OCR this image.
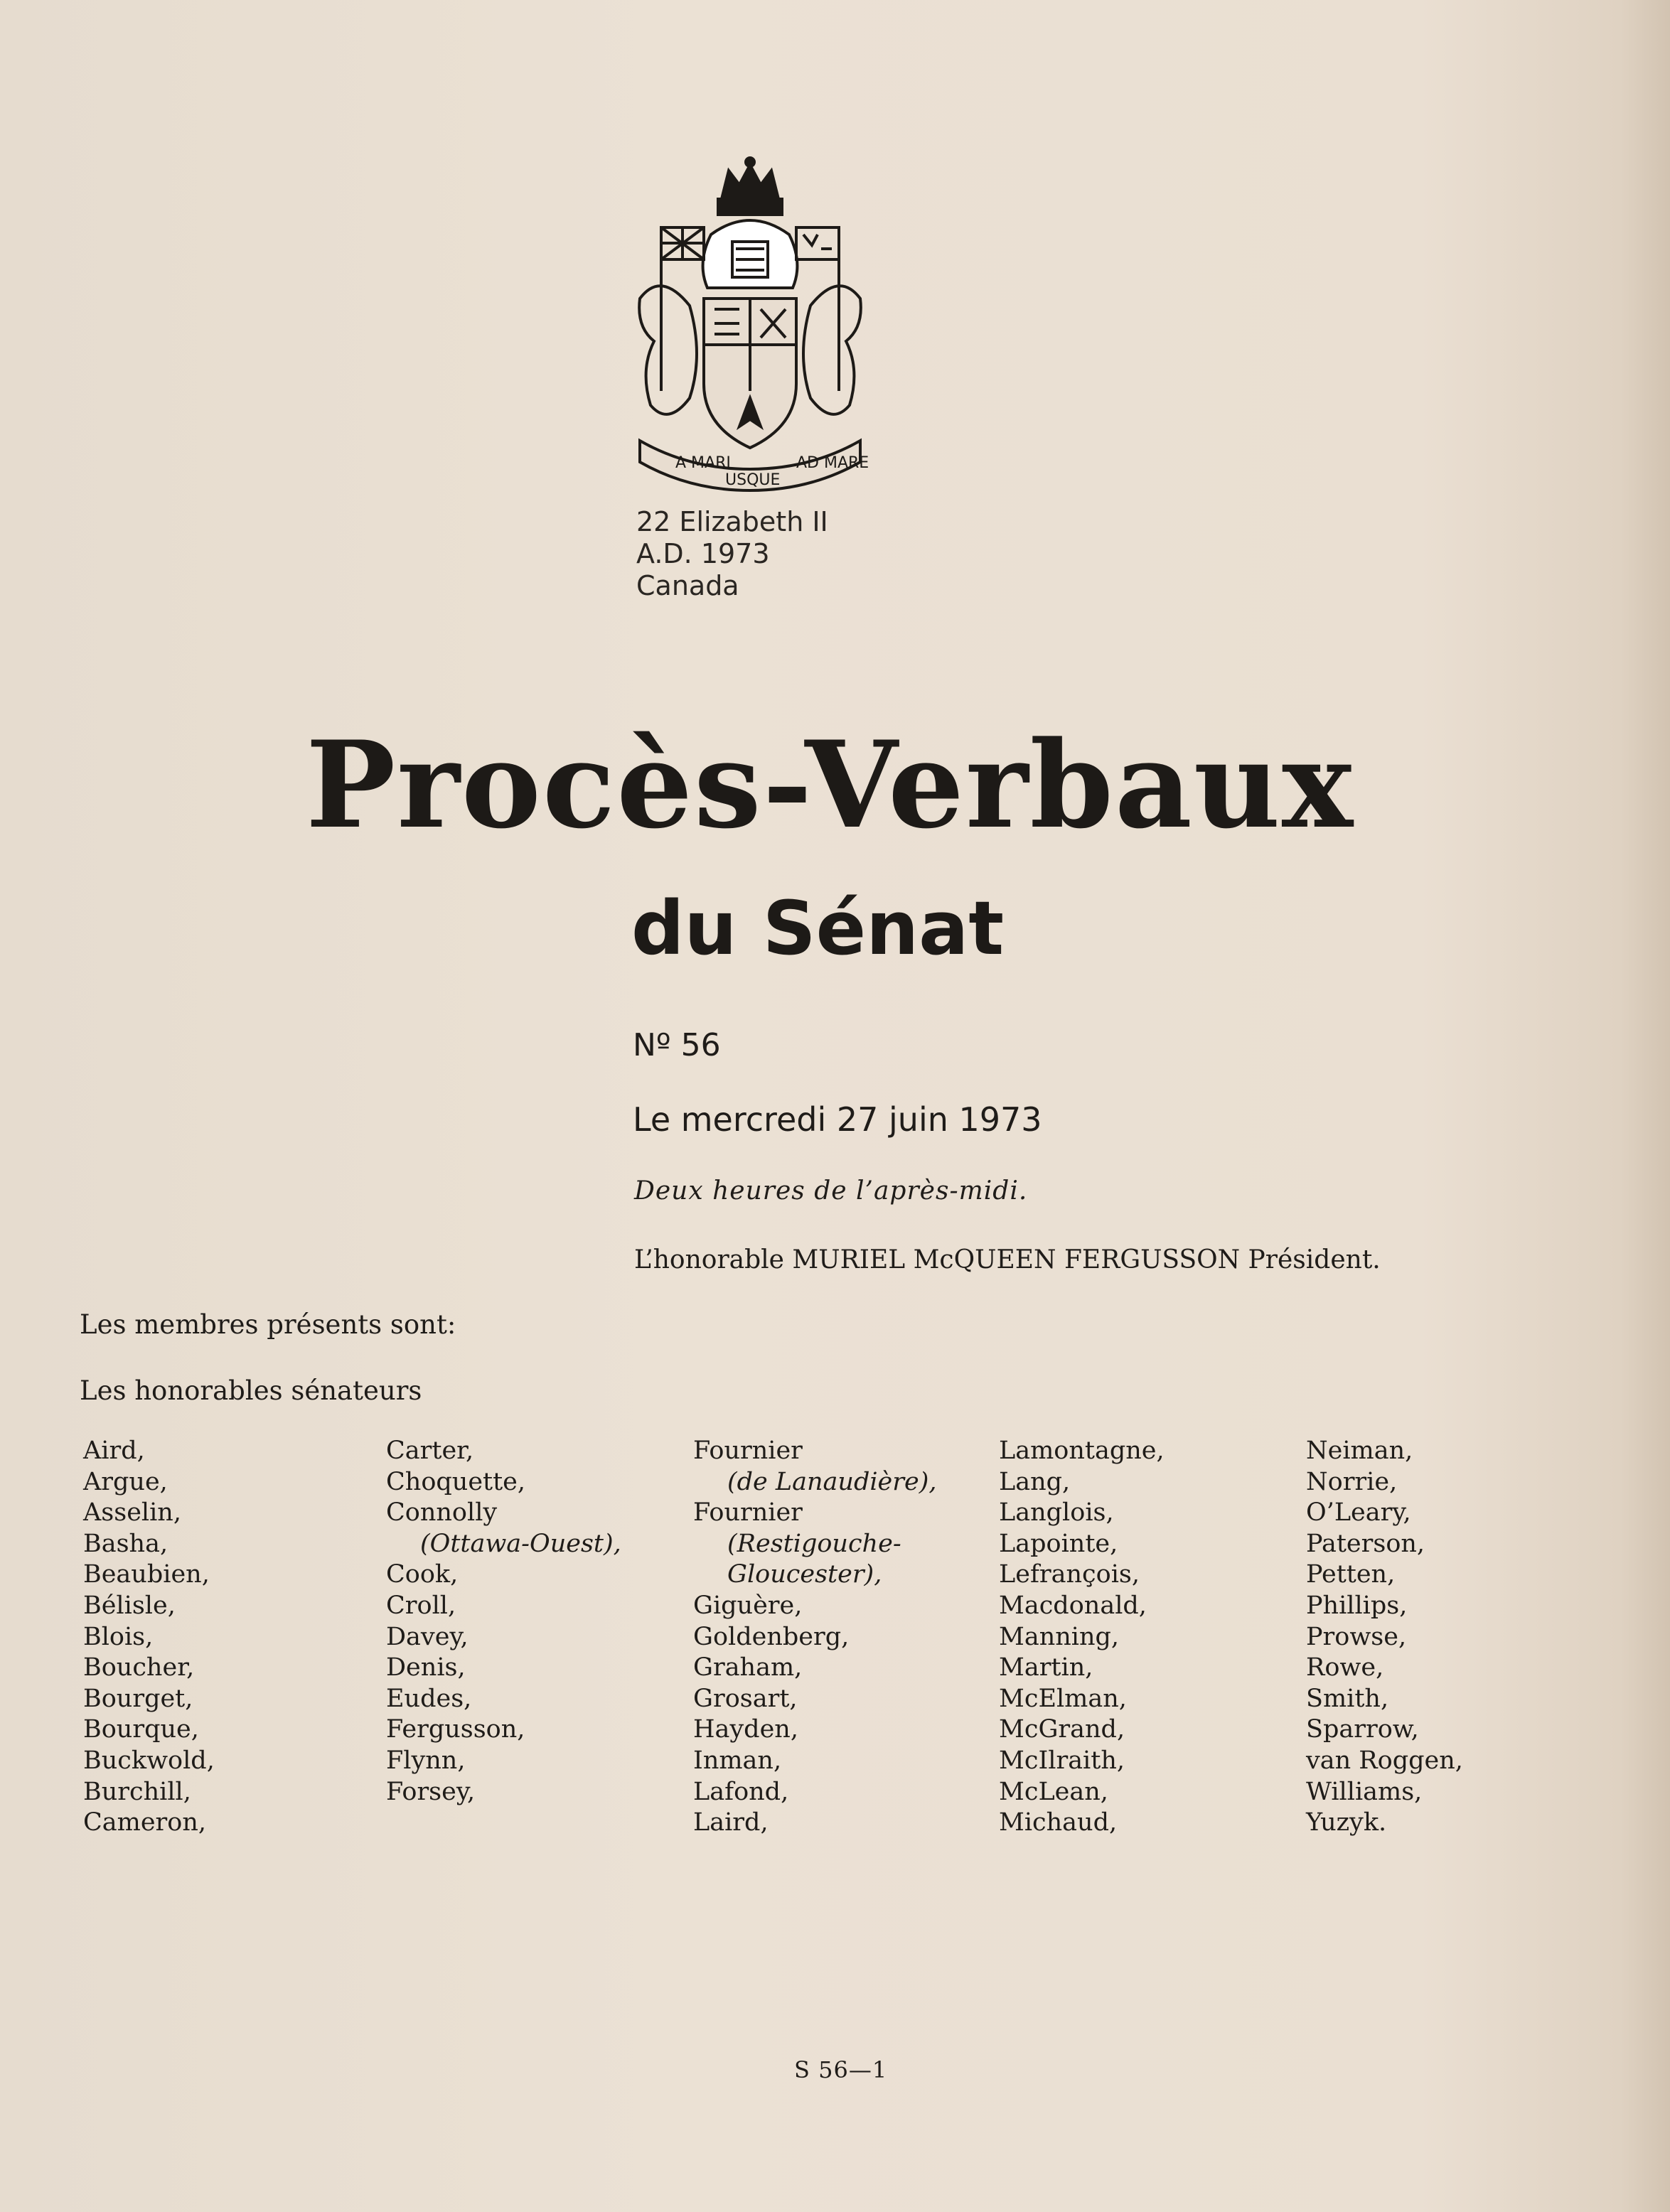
A MARI
USQUE
AD MARE
22 Elizabeth II
A.D. 1973
Canada
Procès-Verbaux
du Sénat
Nº 56
Le mercredi 27 juin 1973
Deux heures de l’après-midi.
L’honorable MURIEL McQUEEN FERGUSSON Président.
Les membres présents sont:
Les honorables sénateurs
Aird,
Argue,
Asselin,
Basha,
Beaubien,
Bélisle,
Blois,
Boucher,
Bourget,
Bourque,
Buckwold,
Burchill,
Cameron,
Carter,
Choquette,
Connolly
(Ottawa-Ouest),
Cook,
Croll,
Davey,
Denis,
Eudes,
Fergusson,
Flynn,
Forsey,
Fournier
(de Lanaudière),
Fournier
(Restigouche-
Gloucester),
Giguère,
Goldenberg,
Graham,
Grosart,
Hayden,
Inman,
Lafond,
Laird,
Lamontagne,
Lang,
Langlois,
Lapointe,
Lefrançois,
Macdonald,
Manning,
Martin,
McElman,
McGrand,
McIlraith,
McLean,
Michaud,
Neiman,
Norrie,
O’Leary,
Paterson,
Petten,
Phillips,
Prowse,
Rowe,
Smith,
Sparrow,
van Roggen,
Williams,
Yuzyk.
S 56—1
